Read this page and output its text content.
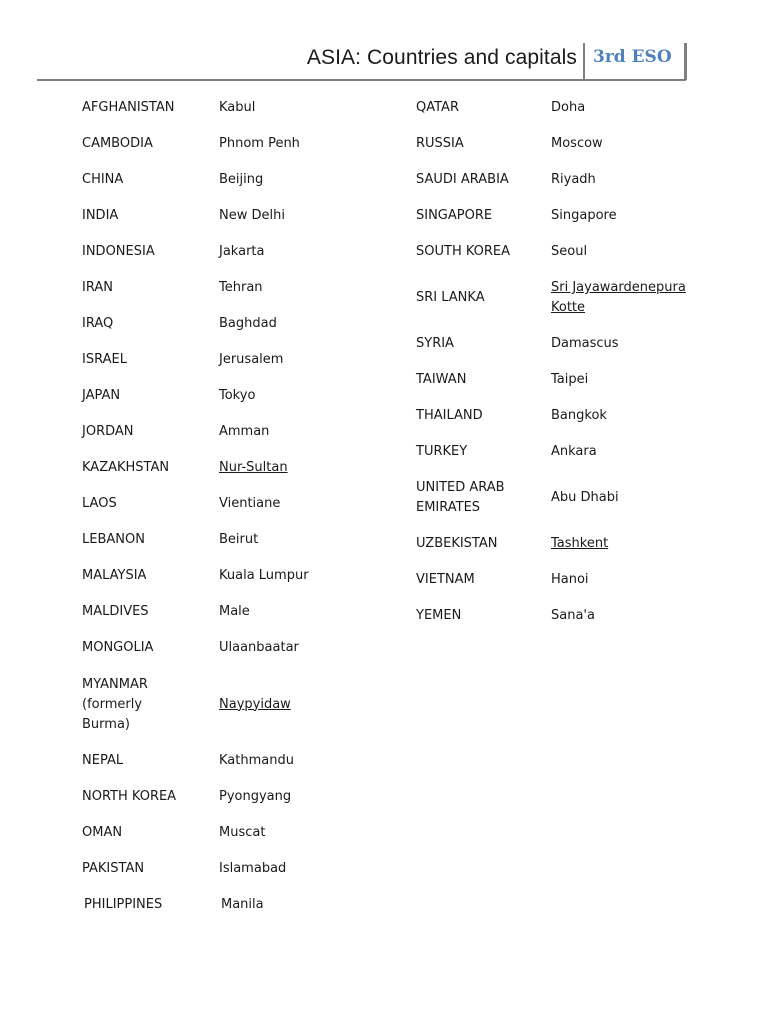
ASIA: Countries and capitals 3rd ESO
AFGHANISTAN	Kabul
CAMBODIA	Phnom Penh
CHINA	Beijing
INDIA	New Delhi
INDONESIA	Jakarta
IRAN	Tehran
IRAQ	Baghdad
ISRAEL	Jerusalem
JAPAN	Tokyo
JORDAN	Amman
KAZAKHSTAN	Nur-Sultan
LAOS	Vientiane
LEBANON	Beirut
MALAYSIA	Kuala Lumpur
MALDIVES	Male
MONGOLIA	Ulaanbaatar

MYANMAR (formerly Burma)	Naypyidaw
NEPAL	Kathmandu
NORTH KOREA	Pyongyang
OMAN	Muscat
PAKISTAN	Islamabad
PHILIPPINES	Manila
QATAR	Doha
RUSSIA	Moscow
SAUDI ARABIA	Riyadh
SINGAPORE	Singapore
SOUTH KOREA	Seoul
SRI LANKA	Sri Jayawardenepura Kotte
SYRIA	Damascus
TAIWAN	Taipei
THAILAND	Bangkok
TURKEY	Ankara

UNITED ARAB EMIRATES	Abu Dhabi
UZBEKISTAN	Tashkent
VIETNAM	Hanoi
YEMEN	Sana'a
